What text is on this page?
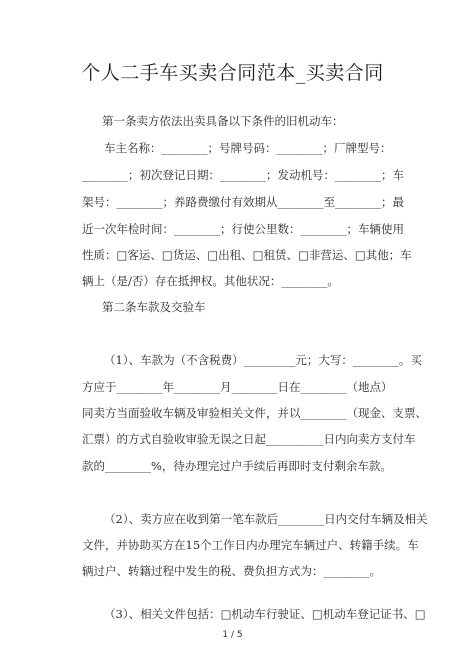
个人二手车买卖合同范本_买卖合同
第一条卖方依法出卖具备以下条件的旧机动车：
车主名称：________；号牌号码：________；厂牌型号：
________；初次登记日期：________；发动机号：________；车
架号：________；养路费缴付有效期从________至________；最
近一次年检时间：________；行使公里数：________；车辆使用
性质：□客运、□货运、□出租、□租赁、□非营运、□其他；车
辆上（是/否）存在抵押权。其他状况：________。
第二条车款及交验车
（1）、车款为（不含税费）_________元；大写：________。买
方应于________年________月________日在________（地点）
同卖方当面验收车辆及审验相关文件，并以________（现金、支票、
汇票）的方式自验收审验无误之日起__________日内向卖方支付车
款的________%，待办理完过户手续后再即时支付剩余车款。
（2）、卖方应在收到第一笔车款后________日内交付车辆及相关
文件，并协助买方在15个工作日内办理完车辆过户、转籍手续。车
辆过户、转籍过程中发生的税、费负担方式为：________。
（3）、相关文件包括：□机动车行驶证、□机动车登记证书、□
1 / 5
